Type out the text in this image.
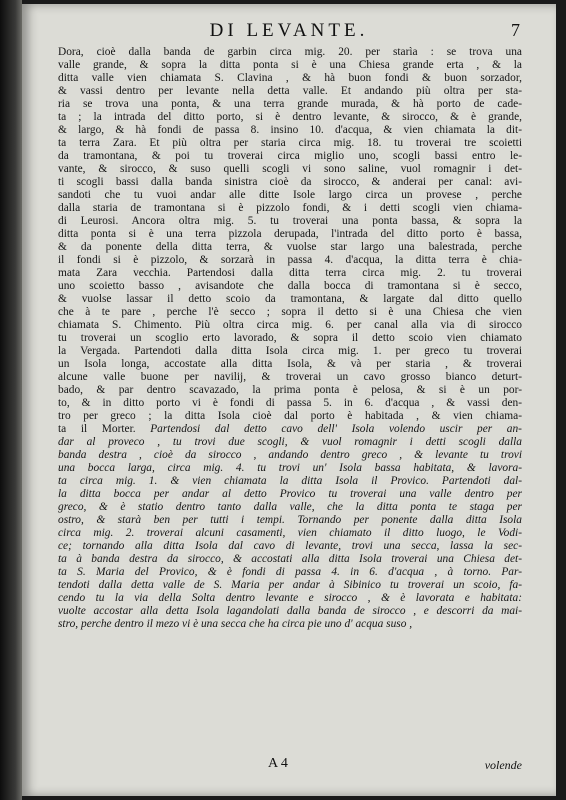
DI LEVANTE.	7
Dora, cioè dalla banda de garbin circa mig. 20. per starìa : se trova una
valle grande, & sopra la ditta ponta si è una Chiesa grande erta , & la
ditta valle vien chiamata S. Clavina , & hà buon fondi & buon sorzador,
& vassi dentro per levante nella detta valle. Et andando più oltra per sta-
ria se trova una ponta, & una terra grande murada, & hà porto de cade-
ta ; la intrada del ditto porto, si è dentro levante, & sirocco, & è grande,
& largo, & hà fondi de passa 8. insino 10. d'acqua, & vien chiamata la dit-
ta terra Zara. Et più oltra per staria circa mig. 18. tu troverai tre scoietti
da tramontana, & poi tu troverai circa miglio uno, scogli bassi entro le-
vante, & sirocco, & suso quelli scogli vi sono saline, vuol romagnir i det-
ti scogli bassi dalla banda sinistra cioè da sirocco, & anderai per canal: avi-
sandoti che tu vuoi andar alle ditte Isole largo circa un provese , perche
dalla staria de tramontana si è pizzolo fondi, & i detti scogli vien chiama-
di Leurosi. Ancora oltra mig. 5. tu troverai una ponta bassa, & sopra la
ditta ponta si è una terra pizzola derupada, l'intrada del ditto porto è bassa,
& da ponente della ditta terra, & vuolse star largo una balestrada, perche
il fondi si è pizzolo, & sorzarà in passa 4. d'acqua, la ditta terra è chia-
mata Zara vecchia. Partendosi dalla ditta terra circa mig. 2. tu troverai
uno scoietto basso , avisandote che dalla bocca di tramontana si è secco,
& vuolse lassar il detto scoio da tramontana, & largate dal ditto quello
che à te pare , perche l'è secco ; sopra il detto si è una Chiesa che vien
chiamata S. Chimento. Più oltra circa mig. 6. per canal alla via di sirocco
tu troverai un scoglio erto lavorado, & sopra il detto scoio vien chiamato
la Vergada. Partendoti dalla ditta Isola circa mig. 1. per greco tu troverai
un Isola longa, accostate alla ditta Isola, & và per staria , & troverai
alcune valle buone per navilij, & troverai un cavo grosso bianco deturt-
bado, & par dentro scavazado, la prima ponta è pelosa, & si è un por-
to, & in ditto porto vi è fondi di passa 5. in 6. d'acqua , & vassi den-
tro per greco ; la ditta Isola cioè dal porto è habitada , & vien chiama-
ta il Morter. Partendosi dal detto cavo dell' Isola volendo uscir per an-
dar al proveco , tu trovi due scogli, & vuol romagnir i detti scogli dalla
banda destra , cioè da sirocco , andando dentro greco , & levante tu trovi
una bocca larga, circa mig. 4. tu trovi un' Isola bassa habitata, & lavora-
ta circa mig. 1. & vien chiamata la ditta Isola il Provico. Partendoti dal-
la ditta bocca per andar al detto Provico tu troverai una valle dentro per
greco, & è statio dentro tanto dalla valle, che la ditta ponta te staga per
ostro, & starà ben per tutti i tempi. Tornando per ponente dalla ditta Isola
circa mig. 2. troverai alcuni casamenti, vien chiamato il ditto luogo, le Vodi-
ce; tornando alla ditta Isola dal cavo di levante, trovi una secca, lassa la sec-
ta à banda destra da sirocco, & accostati alla ditta Isola troverai una Chiesa det-
ta S. Maria del Provico, & è fondi di passa 4. in 6. d'acqua , à torno. Par-
tendoti dalla detta valle de S. Maria per andar à Sibinico tu troverai un scoio, fa-
cendo tu la via della Solta dentro levante e sirocco , & è lavorata e habitata:
vuolte accostar alla detta Isola lagandolati dalla banda de sirocco , e descorri da mai-
stro, perche dentro il mezo vi è una secca che ha circa pie uno d' acqua suso ,
A 4	volende
